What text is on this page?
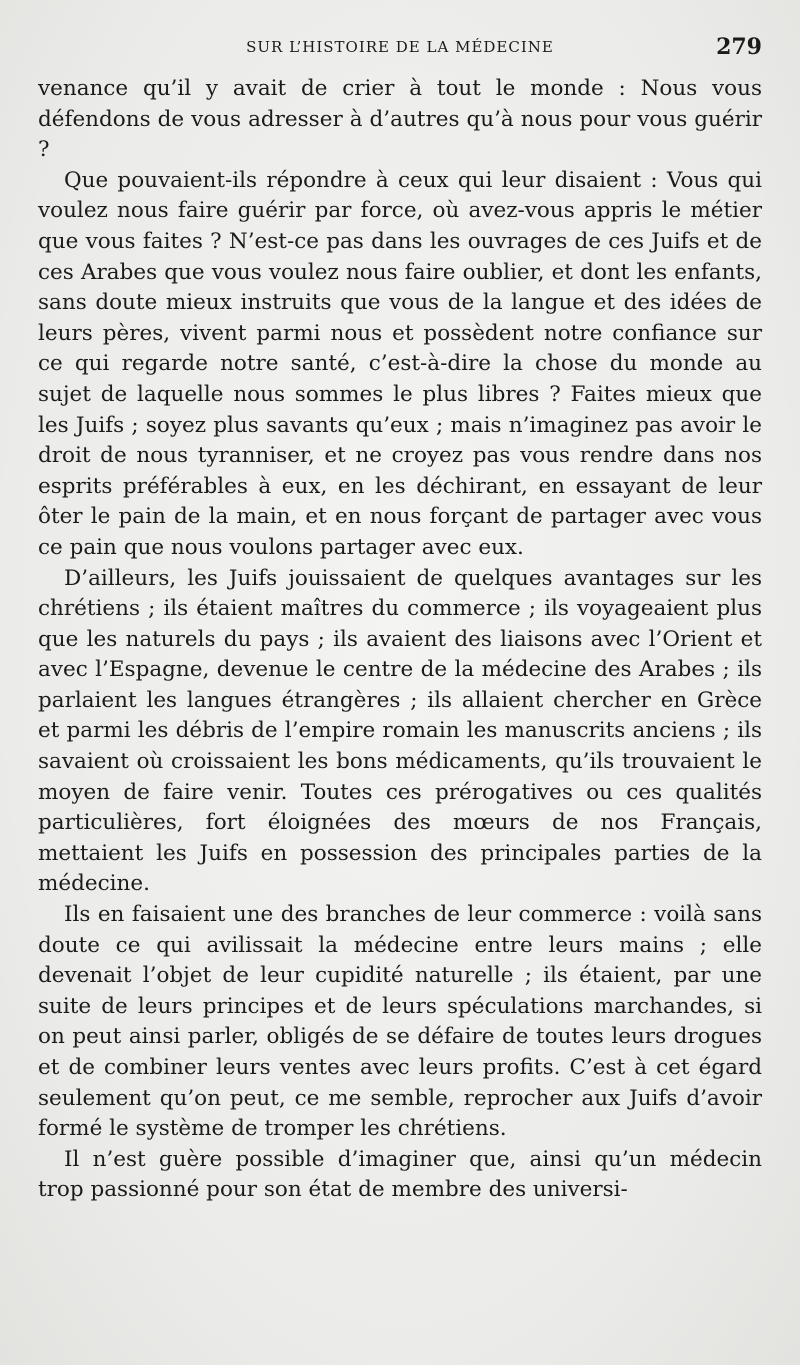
SUR L’HISTOIRE DE LA MÉDECINE	279

venance qu’il y avait de crier à tout le monde : Nous vous défendons de vous adresser à d’autres qu’à nous pour vous guérir ?

Que pouvaient-ils répondre à ceux qui leur disaient : Vous qui voulez nous faire guérir par force, où avez-vous appris le métier que vous faites ? N’est-ce pas dans les ouvrages de ces Juifs et de ces Arabes que vous voulez nous faire oublier, et dont les enfants, sans doute mieux instruits que vous de la langue et des idées de leurs pères, vivent parmi nous et possèdent notre confiance sur ce qui regarde notre santé, c’est-à-dire la chose du monde au sujet de laquelle nous sommes le plus libres ? Faites mieux que les Juifs ; soyez plus savants qu’eux ; mais n’imaginez pas avoir le droit de nous tyranniser, et ne croyez pas vous rendre dans nos esprits préférables à eux, en les déchirant, en essayant de leur ôter le pain de la main, et en nous forçant de partager avec vous ce pain que nous voulons partager avec eux.

D’ailleurs, les Juifs jouissaient de quelques avantages sur les chrétiens ; ils étaient maîtres du commerce ; ils voyageaient plus que les naturels du pays ; ils avaient des liaisons avec l’Orient et avec l’Espagne, devenue le centre de la médecine des Arabes ; ils parlaient les langues étrangères ; ils allaient chercher en Grèce et parmi les débris de l’empire romain les manuscrits anciens ; ils savaient où croissaient les bons médicaments, qu’ils trouvaient le moyen de faire venir. Toutes ces prérogatives ou ces qualités particulières, fort éloignées des mœurs de nos Français, mettaient les Juifs en possession des principales parties de la médecine.

Ils en faisaient une des branches de leur commerce : voilà sans doute ce qui avilissait la médecine entre leurs mains ; elle devenait l’objet de leur cupidité naturelle ; ils étaient, par une suite de leurs principes et de leurs spéculations marchandes, si on peut ainsi parler, obligés de se défaire de toutes leurs drogues et de combiner leurs ventes avec leurs profits. C’est à cet égard seulement qu’on peut, ce me semble, reprocher aux Juifs d’avoir formé le système de tromper les chrétiens.

Il n’est guère possible d’imaginer que, ainsi qu’un médecin trop passionné pour son état de membre des universi-
